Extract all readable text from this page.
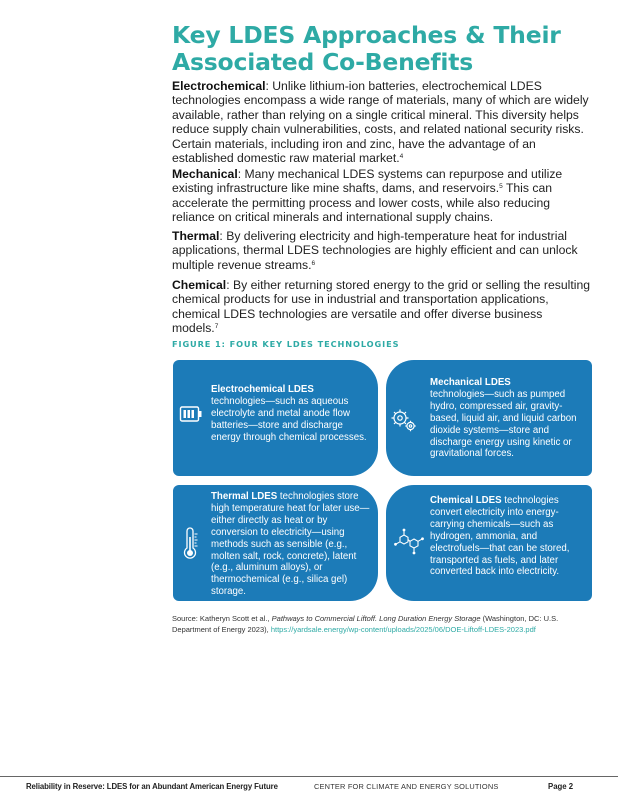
Key LDES Approaches & Their
Associated Co-Benefits

Electrochemical: Unlike lithium-ion batteries, electrochemical LDES technologies encompass a wide range of materials, many of which are widely available, rather than relying on a single critical mineral. This diversity helps reduce supply chain vulnerabilities, costs, and related national security risks. Certain materials, including iron and zinc, have the advantage of an established domestic raw material market.$^4$

Mechanical: Many mechanical LDES systems can repurpose and utilize existing infrastructure like mine shafts, dams, and reservoirs.$^5$ This can accelerate the permitting process and lower costs, while also reducing reliance on critical minerals and international supply chains.

Thermal: By delivering electricity and high-temperature heat for industrial applications, thermal LDES technologies are highly efficient and can unlock multiple revenue streams.$^6$

Chemical: By either returning stored energy to the grid or selling the resulting chemical products for use in industrial and transportation applications, chemical LDES technologies are versatile and offer diverse business models.$^7$

FIGURE 1: FOUR KEY LDES TECHNOLOGIES
Electrochemical LDES
technologies—such as aqueous electrolyte and metal anode flow batteries—store and discharge energy through chemical processes.
Mechanical LDES
technologies—such as pumped hydro, compressed air, gravity-based, liquid air, and liquid carbon dioxide systems—store and discharge energy using kinetic or gravitational forces.
Thermal LDES technologies store high temperature heat for later use—either directly as heat or by conversion to electricity—using methods such as sensible (e.g., molten salt, rock, concrete), latent (e.g., aluminum alloys), or thermochemical (e.g., silica gel) storage.
Chemical LDES technologies convert electricity into energy-carrying chemicals—such as hydrogen, ammonia, and electrofuels—that can be stored, transported as fuels, and later converted back into electricity.
Source: Katheryn Scott et al., Pathways to Commercial Liftoff. Long Duration Energy Storage (Washington, DC: U.S. Department of Energy 2023), https://yardsale.energy/wp-content/uploads/2025/06/DOE-Liftoff-LDES-2023.pdf
Reliability in Reserve: LDES for an Abundant American Energy Future	CENTER FOR CLIMATE AND ENERGY SOLUTIONS	Page 2
